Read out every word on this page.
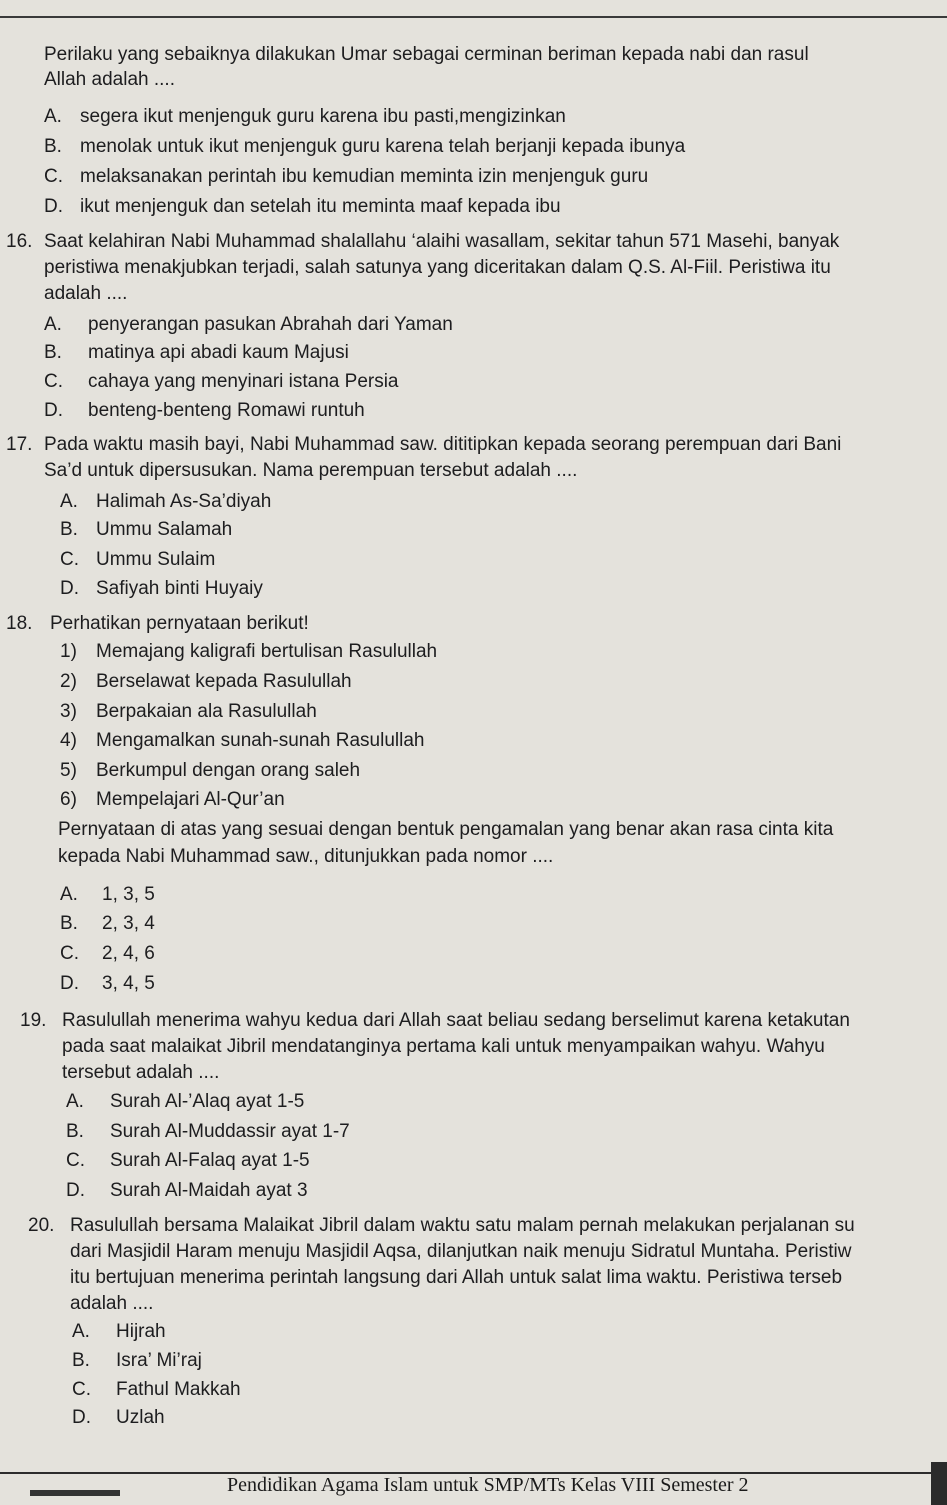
Perilaku yang sebaiknya dilakukan Umar sebagai cerminan beriman kepada nabi dan rasul
Allah adalah ....
A. segera ikut menjenguk guru karena ibu pasti,mengizinkan
B. menolak untuk ikut menjenguk guru karena telah berjanji kepada ibunya
C. melaksanakan perintah ibu kemudian meminta izin menjenguk guru
D. ikut menjenguk dan setelah itu meminta maaf kepada ibu
16. Saat kelahiran Nabi Muhammad shalallahu ‘alaihi wasallam, sekitar tahun 571 Masehi, banyak
peristiwa menakjubkan terjadi, salah satunya yang diceritakan dalam Q.S. Al-Fiil. Peristiwa itu
adalah ....
A. penyerangan pasukan Abrahah dari Yaman
B. matinya api abadi kaum Majusi
C. cahaya yang menyinari istana Persia
D. benteng-benteng Romawi runtuh
17. Pada waktu masih bayi, Nabi Muhammad saw. dititipkan kepada seorang perempuan dari Bani
Sa’d untuk dipersusukan. Nama perempuan tersebut adalah ....
A. Halimah As-Sa’diyah
B. Ummu Salamah
C. Ummu Sulaim
D. Safiyah binti Huyaiy
18. Perhatikan pernyataan berikut!
1) Memajang kaligrafi bertulisan Rasulullah
2) Berselawat kepada Rasulullah
3) Berpakaian ala Rasulullah
4) Mengamalkan sunah-sunah Rasulullah
5) Berkumpul dengan orang saleh
6) Mempelajari Al-Qur’an
Pernyataan di atas yang sesuai dengan bentuk pengamalan yang benar akan rasa cinta kita
kepada Nabi Muhammad saw., ditunjukkan pada nomor ....
A. 1, 3, 5
B. 2, 3, 4
C. 2, 4, 6
D. 3, 4, 5
19. Rasulullah menerima wahyu kedua dari Allah saat beliau sedang berselimut karena ketakutan
pada saat malaikat Jibril mendatanginya pertama kali untuk menyampaikan wahyu. Wahyu
tersebut adalah ....
A. Surah Al-’Alaq ayat 1-5
B. Surah Al-Muddassir ayat 1-7
C. Surah Al-Falaq ayat 1-5
D. Surah Al-Maidah ayat 3
20. Rasulullah bersama Malaikat Jibril dalam waktu satu malam pernah melakukan perjalanan su
dari Masjidil Haram menuju Masjidil Aqsa, dilanjutkan naik menuju Sidratul Muntaha. Peristiw
itu bertujuan menerima perintah langsung dari Allah untuk salat lima waktu. Peristiwa terseb
adalah ....
A. Hijrah
B. Isra’ Mi’raj
C. Fathul Makkah
D. Uzlah
Pendidikan Agama Islam untuk SMP/MTs Kelas VIII Semester 2
